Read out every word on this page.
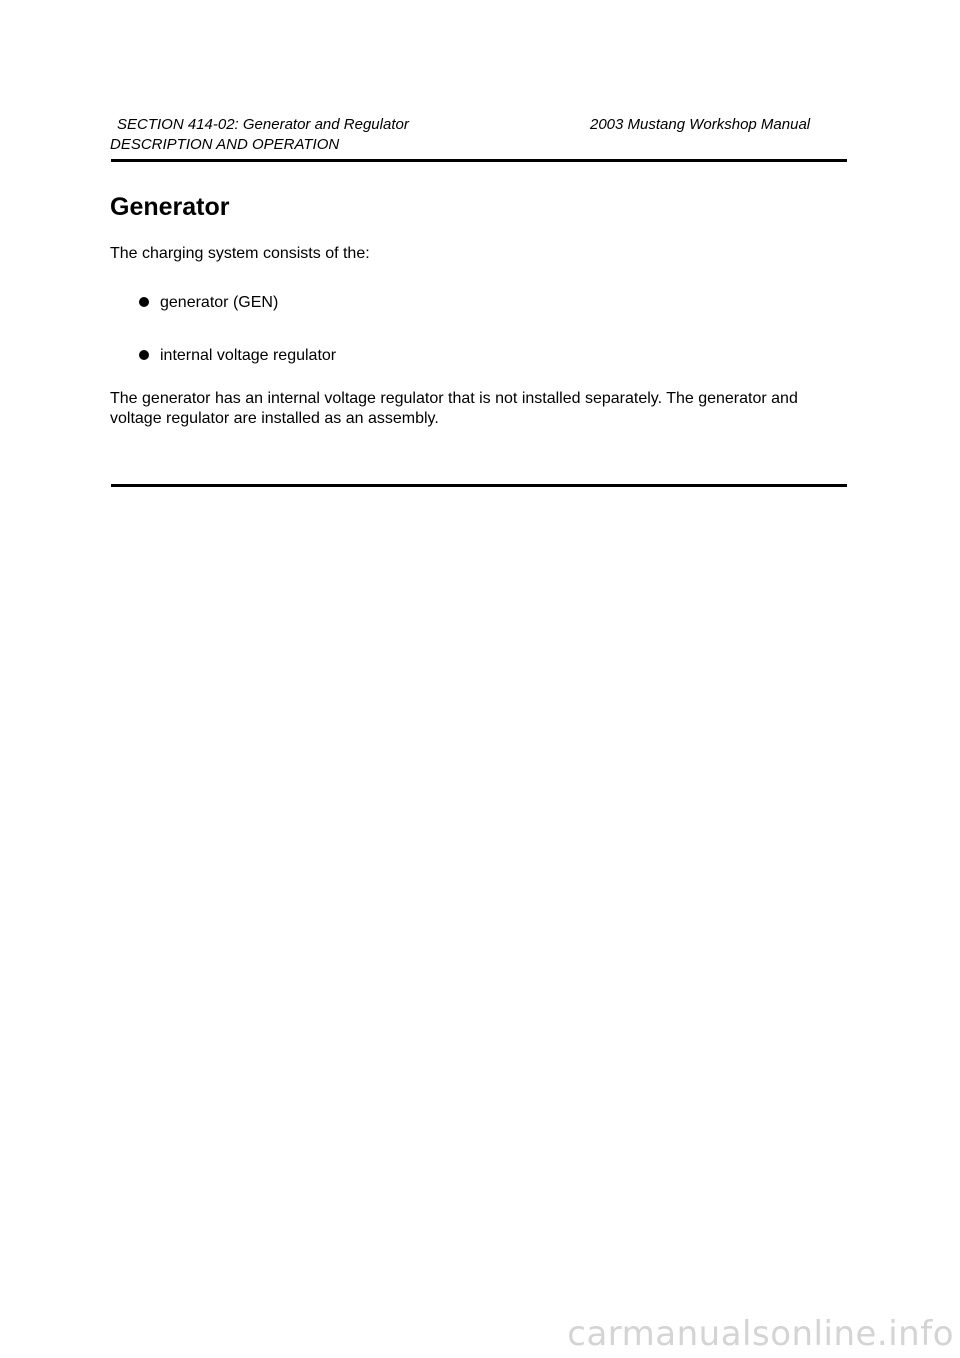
SECTION 414-02: Generator and Regulator	2003 Mustang Workshop Manual
DESCRIPTION AND OPERATION
Generator

The charging system consists of the:

generator (GEN)
internal voltage regulator

The generator has an internal voltage regulator that is not installed separately. The generator and voltage regulator are installed as an assembly.

carmanualsonline.info
